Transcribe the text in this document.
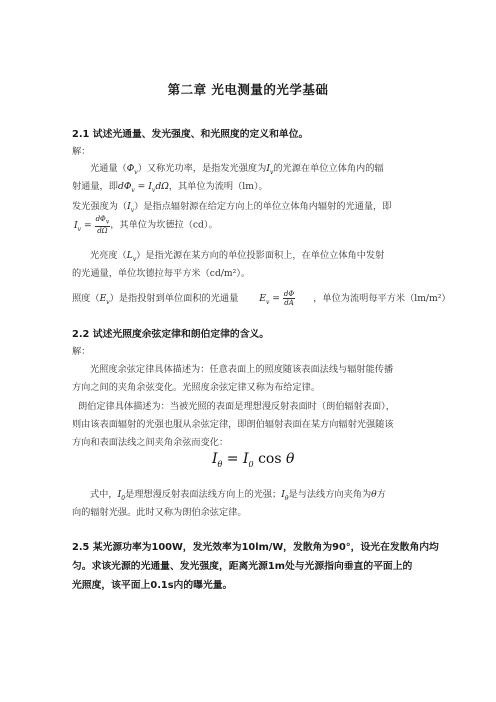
第二章 光电测量的光学基础
2.1 试述光通量、发光强度、和光照度的定义和单位。
解：
光通量$(\Phi_v)$又称光功率，是指发光强度为$I_v$的光源在单位立体角内的辐
射通量，即$d\Phi_v = I_vd\Omega$，其单位为流明（lm）。
发光强度为$(I_v)$是指点辐射源在给定方向上的单位立体角内辐射的光通量，即
$I_v = \frac{d\Phi_v}{d\Omega}$ ，其单位为坎德拉（cd）。
光亮度$(L_v)$是指光源在某方向的单位投影面积上，在单位立体角中发射
的光通量，单位坎德拉每平方米（cd/m²）。
照度$(E_v)$是指投射到单位面积的光通量 $E_v = \frac{d\Phi}{dA}$ ，单位为流明每平方米（lm/m²）
2.2 试述光照度余弦定律和朗伯定律的含义。
解：
光照度余弦定律具体描述为：任意表面上的照度随该表面法线与辐射能传播
方向之间的夹角余弦变化。光照度余弦定律又称为布给定律。
朗伯定律具体描述为：当被光照的表面是理想漫反射表面时（朗伯辐射表面），
则由该表面辐射的光强也服从余弦定律，即朗伯辐射表面在某方向辐射光强随该
方向和表面法线之间夹角余弦而变化：
$I_\theta = I_0$ cos θ
式中，$I_0$是理想漫反射表面法线方向上的光强；$I_\theta$是与法线方向夹角为θ方
向的辐射光强。此时又称为朗伯余弦定律。
2.5 某光源功率为100W，发光效率为10lm/W，发散角为90°，设光在发散角内均
匀。求该光源的光通量、发光强度，距离光源1m处与光源指向垂直的平面上的
光照度，该平面上0.1s内的曝光量。
